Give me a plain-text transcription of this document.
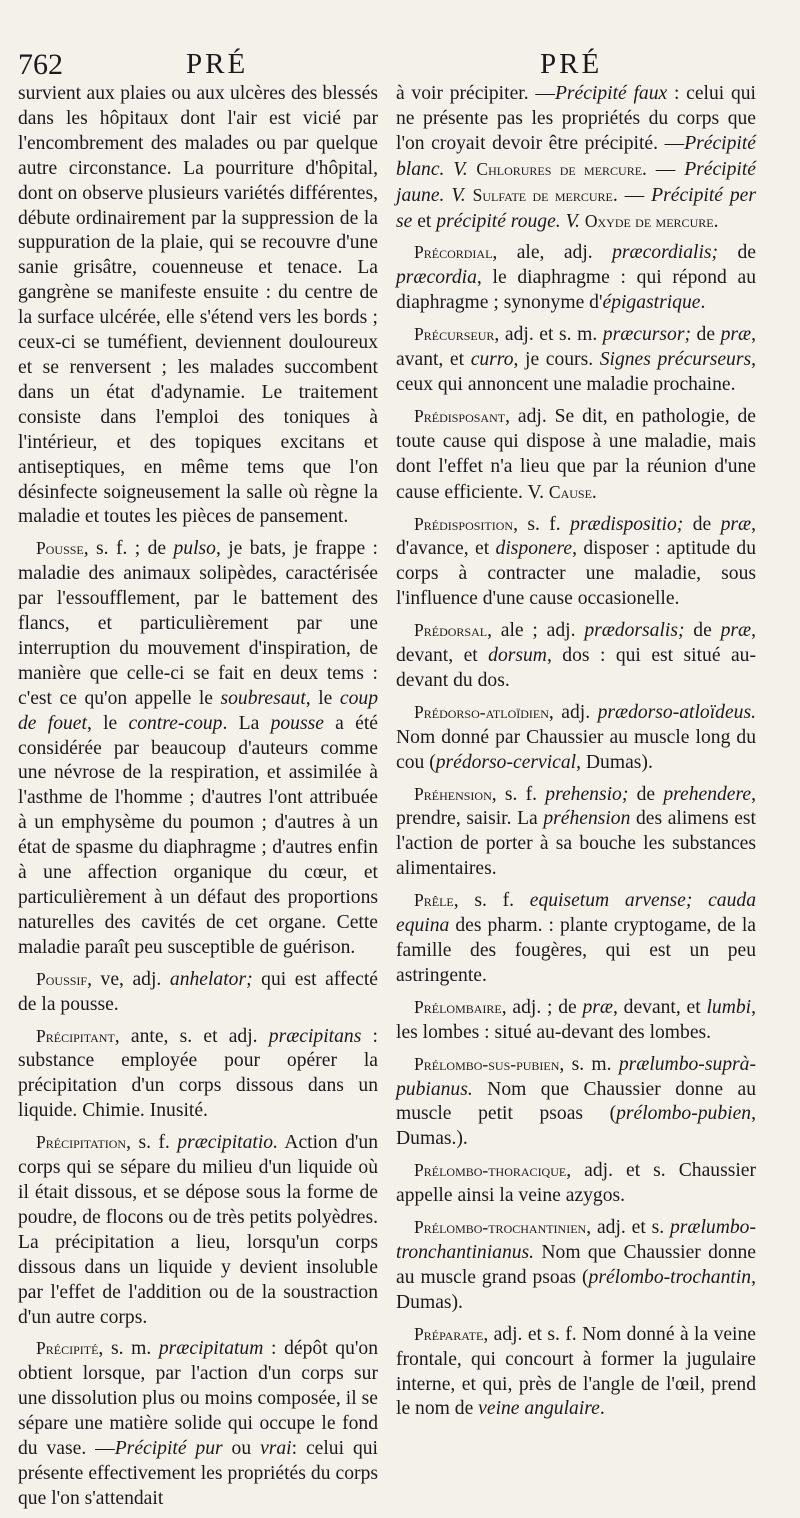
762	PRÉ	PRÉ

survient aux plaies ou aux ulcères des blessés dans les hôpitaux dont l'air est vicié par l'encombrement des malades ou par quelque autre circonstance. La pourriture d'hôpital, dont on observe plusieurs variétés différentes, débute ordinairement par la suppression de la suppuration de la plaie, qui se recouvre d'une sanie grisâtre, couenneuse et tenace. La gangrène se manifeste ensuite : du centre de la surface ulcérée, elle s'étend vers les bords ; ceux-ci se tuméfient, deviennent douloureux et se renversent ; les malades succombent dans un état d'adynamie. Le traitement consiste dans l'emploi des toniques à l'intérieur, et des topiques excitans et antiseptiques, en même tems que l'on désinfecte soigneusement la salle où règne la maladie et toutes les pièces de pansement.

Pousse, s. f. ; de pulso, je bats, je frappe : maladie des animaux solipèdes, caractérisée par l'essoufflement, par le battement des flancs, et particulièrement par une interruption du mouvement d'inspiration, de manière que celle-ci se fait en deux tems : c'est ce qu'on appelle le soubresaut, le coup de fouet, le contre-coup. La pousse a été considérée par beaucoup d'auteurs comme une névrose de la respiration, et assimilée à l'asthme de l'homme ; d'autres l'ont attribuée à un emphysème du poumon ; d'autres à un état de spasme du diaphragme ; d'autres enfin à une affection organique du cœur, et particulièrement à un défaut des proportions naturelles des cavités de cet organe. Cette maladie paraît peu susceptible de guérison.

Poussif, ve, adj. anhelator; qui est affecté de la pousse.

Précipitant, ante, s. et adj. præcipitans : substance employée pour opérer la précipitation d'un corps dissous dans un liquide. Chimie. Inusité.

Précipitation, s. f. præcipitatio. Action d'un corps qui se sépare du milieu d'un liquide où il était dissous, et se dépose sous la forme de poudre, de flocons ou de très petits polyèdres. La précipitation a lieu, lorsqu'un corps dissous dans un liquide y devient insoluble par l'effet de l'addition ou de la soustraction d'un autre corps.

Précipité, s. m. præcipitatum : dépôt qu'on obtient lorsque, par l'action d'un corps sur une dissolution plus ou moins composée, il se sépare une matière solide qui occupe le fond du vase. —Précipité pur ou vrai: celui qui présente effectivement les propriétés du corps que l'on s'attendait

à voir précipiter. —Précipité faux : celui qui ne présente pas les propriétés du corps que l'on croyait devoir être précipité. —Précipité blanc. V. Chlorures de mercure. — Précipité jaune. V. Sulfate de mercure. — Précipité per se et précipité rouge. V. Oxyde de mercure.

Précordial, ale, adj. præcordialis; de præcordia, le diaphragme : qui répond au diaphragme ; synonyme d'épigastrique.

Précurseur, adj. et s. m. præcursor; de præ, avant, et curro, je cours. Signes précurseurs, ceux qui annoncent une maladie prochaine.

Prédisposant, adj. Se dit, en pathologie, de toute cause qui dispose à une maladie, mais dont l'effet n'a lieu que par la réunion d'une cause efficiente. V. Cause.

Prédisposition, s. f. prædispositio; de præ, d'avance, et disponere, disposer : aptitude du corps à contracter une maladie, sous l'influence d'une cause occasionelle.

Prédorsal, ale ; adj. prædorsalis; de præ, devant, et dorsum, dos : qui est situé au-devant du dos.

Prédorso-atloïdien, adj. prædorso-atloïdeus. Nom donné par Chaussier au muscle long du cou (prédorso-cervical, Dumas).

Préhension, s. f. prehensio; de prehendere, prendre, saisir. La préhension des alimens est l'action de porter à sa bouche les substances alimentaires.

Prêle, s. f. equisetum arvense; cauda equina des pharm. : plante cryptogame, de la famille des fougères, qui est un peu astringente.

Prélombaire, adj. ; de præ, devant, et lumbi, les lombes : situé au-devant des lombes.

Prélombo-sus-pubien, s. m. prælumbo-suprà-pubianus. Nom que Chaussier donne au muscle petit psoas (prélombo-pubien, Dumas.).

Prélombo-thoracique, adj. et s. Chaussier appelle ainsi la veine azygos.

Prélombo-trochantinien, adj. et s. prælumbo-tronchantinianus. Nom que Chaussier donne au muscle grand psoas (prélombo-trochantin, Dumas).

Préparate, adj. et s. f. Nom donné à la veine frontale, qui concourt à former la jugulaire interne, et qui, près de l'angle de l'œil, prend le nom de veine angulaire.
